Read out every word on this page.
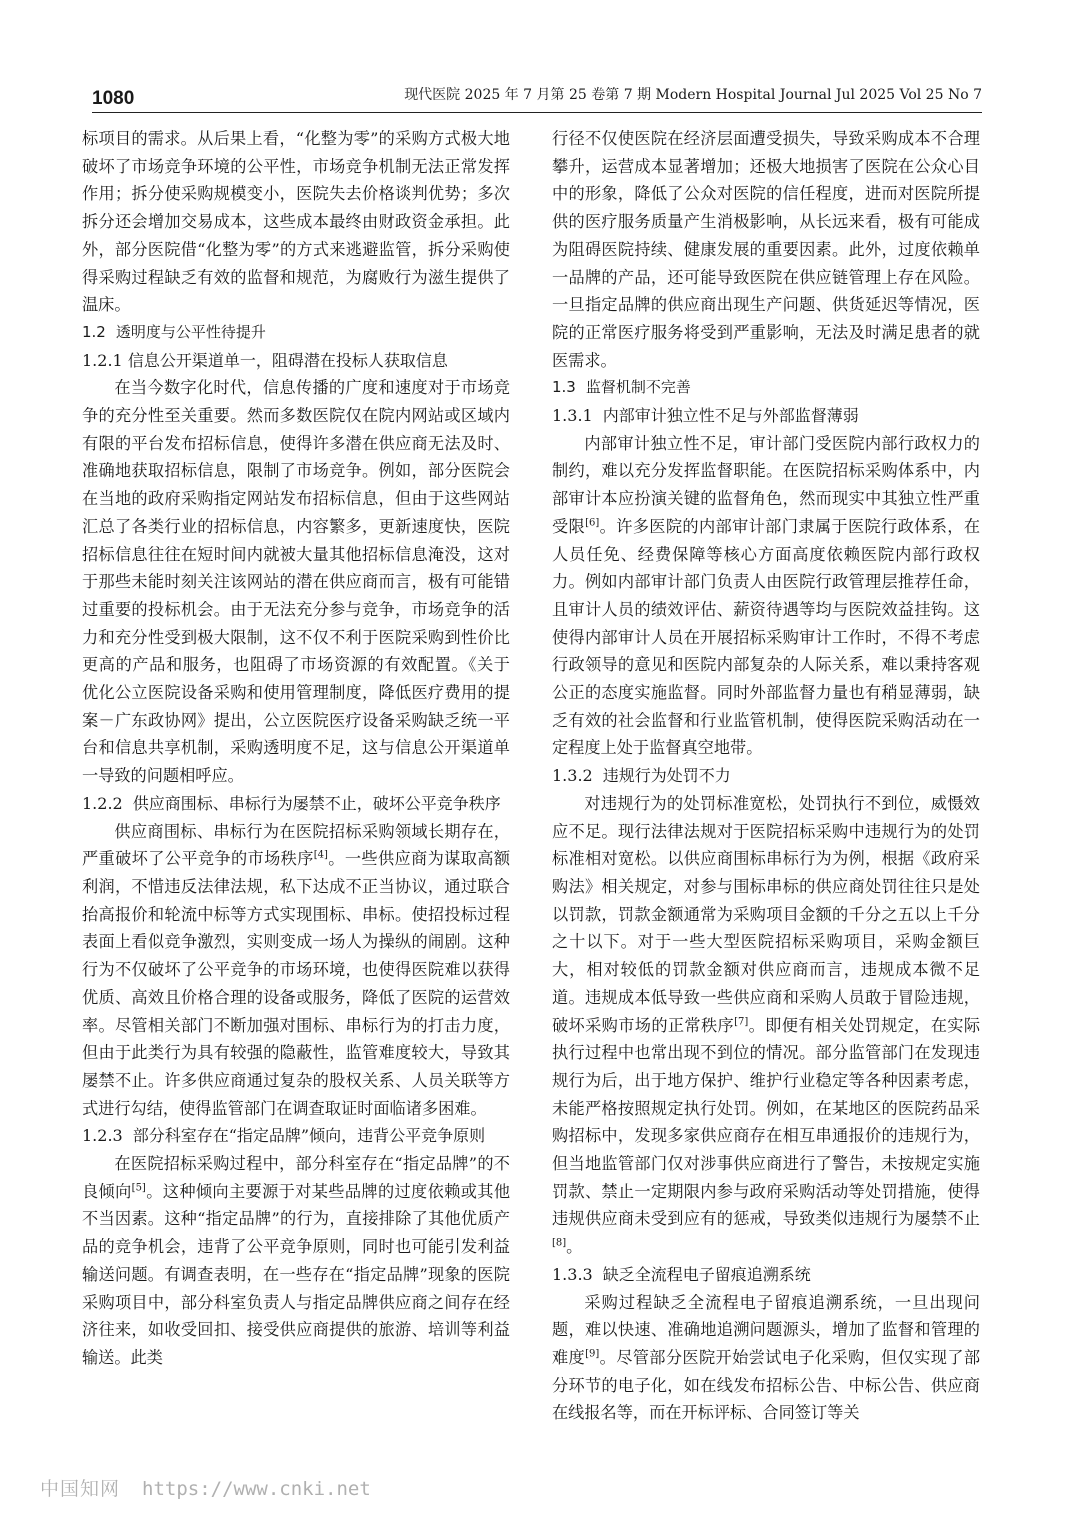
1080	现代医院 2025 年 7 月第 25 卷第 7 期 Modern Hospital Journal Jul 2025 Vol 25 No 7

标项目的需求。从后果上看，“化整为零”的采购方式极大地破坏了市场竞争环境的公平性，市场竞争机制无法正常发挥作用；拆分使采购规模变小，医院失去价格谈判优势；多次拆分还会增加交易成本，这些成本最终由财政资金承担。此外，部分医院借“化整为零”的方式来逃避监管，拆分采购使得采购过程缺乏有效的监督和规范，为腐败行为滋生提供了温床。

1.2 透明度与公平性待提升

1.2.1 信息公开渠道单一，阻碍潜在投标人获取信息

在当今数字化时代，信息传播的广度和速度对于市场竞争的充分性至关重要。然而多数医院仅在院内网站或区域内有限的平台发布招标信息，使得许多潜在供应商无法及时、准确地获取招标信息，限制了市场竞争。例如，部分医院会在当地的政府采购指定网站发布招标信息，但由于这些网站汇总了各类行业的招标信息，内容繁多，更新速度快，医院招标信息往往在短时间内就被大量其他招标信息淹没，这对于那些未能时刻关注该网站的潜在供应商而言，极有可能错过重要的投标机会。由于无法充分参与竞争，市场竞争的活力和充分性受到极大限制，这不仅不利于医院采购到性价比更高的产品和服务，也阻碍了市场资源的有效配置。《关于优化公立医院设备采购和使用管理制度，降低医疗费用的提案－广东政协网》提出，公立医院医疗设备采购缺乏统一平台和信息共享机制，采购透明度不足，这与信息公开渠道单一导致的问题相呼应。

1.2.2 供应商围标、串标行为屡禁不止，破坏公平竞争秩序

供应商围标、串标行为在医院招标采购领域长期存在，严重破坏了公平竞争的市场秩序[4]。一些供应商为谋取高额利润，不惜违反法律法规，私下达成不正当协议，通过联合抬高报价和轮流中标等方式实现围标、串标。使招投标过程表面上看似竞争激烈，实则变成一场人为操纵的闹剧。这种行为不仅破坏了公平竞争的市场环境，也使得医院难以获得优质、高效且价格合理的设备或服务，降低了医院的运营效率。尽管相关部门不断加强对围标、串标行为的打击力度，但由于此类行为具有较强的隐蔽性，监管难度较大，导致其屡禁不止。许多供应商通过复杂的股权关系、人员关联等方式进行勾结，使得监管部门在调查取证时面临诸多困难。

1.2.3 部分科室存在“指定品牌”倾向，违背公平竞争原则

在医院招标采购过程中，部分科室存在“指定品牌”的不良倾向[5]。这种倾向主要源于对某些品牌的过度依赖或其他不当因素。这种“指定品牌”的行为，直接排除了其他优质产品的竞争机会，违背了公平竞争原则，同时也可能引发利益输送问题。有调查表明，在一些存在“指定品牌”现象的医院采购项目中，部分科室负责人与指定品牌供应商之间存在经济往来，如收受回扣、接受供应商提供的旅游、培训等利益输送。此类

行径不仅使医院在经济层面遭受损失，导致采购成本不合理攀升，运营成本显著增加；还极大地损害了医院在公众心目中的形象，降低了公众对医院的信任程度，进而对医院所提供的医疗服务质量产生消极影响，从长远来看，极有可能成为阻碍医院持续、健康发展的重要因素。此外，过度依赖单一品牌的产品，还可能导致医院在供应链管理上存在风险。一旦指定品牌的供应商出现生产问题、供货延迟等情况，医院的正常医疗服务将受到严重影响，无法及时满足患者的就医需求。

1.3 监督机制不完善

1.3.1 内部审计独立性不足与外部监督薄弱

内部审计独立性不足，审计部门受医院内部行政权力的制约，难以充分发挥监督职能。在医院招标采购体系中，内部审计本应扮演关键的监督角色，然而现实中其独立性严重受限[6]。许多医院的内部审计部门隶属于医院行政体系，在人员任免、经费保障等核心方面高度依赖医院内部行政权力。例如内部审计部门负责人由医院行政管理层推荐任命，且审计人员的绩效评估、薪资待遇等均与医院效益挂钩。这使得内部审计人员在开展招标采购审计工作时，不得不考虑行政领导的意见和医院内部复杂的人际关系，难以秉持客观公正的态度实施监督。同时外部监督力量也有稍显薄弱，缺乏有效的社会监督和行业监管机制，使得医院采购活动在一定程度上处于监督真空地带。

1.3.2 违规行为处罚不力

对违规行为的处罚标准宽松，处罚执行不到位，威慑效应不足。现行法律法规对于医院招标采购中违规行为的处罚标准相对宽松。以供应商围标串标行为为例，根据《政府采购法》相关规定，对参与围标串标的供应商处罚往往只是处以罚款，罚款金额通常为采购项目金额的千分之五以上千分之十以下。对于一些大型医院招标采购项目，采购金额巨大，相对较低的罚款金额对供应商而言，违规成本微不足道。违规成本低导致一些供应商和采购人员敢于冒险违规，破坏采购市场的正常秩序[7]。即便有相关处罚规定，在实际执行过程中也常出现不到位的情况。部分监管部门在发现违规行为后，出于地方保护、维护行业稳定等各种因素考虑，未能严格按照规定执行处罚。例如，在某地区的医院药品采购招标中，发现多家供应商存在相互串通报价的违规行为，但当地监管部门仅对涉事供应商进行了警告，未按规定实施罚款、禁止一定期限内参与政府采购活动等处罚措施，使得违规供应商未受到应有的惩戒，导致类似违规行为屡禁不止[8]。

1.3.3 缺乏全流程电子留痕追溯系统

采购过程缺乏全流程电子留痕追溯系统，一旦出现问题，难以快速、准确地追溯问题源头，增加了监督和管理的难度[9]。尽管部分医院开始尝试电子化采购，但仅实现了部分环节的电子化，如在线发布招标公告、中标公告、供应商在线报名等，而在开标评标、合同签订等关

中国知网 https://www.cnki.net
